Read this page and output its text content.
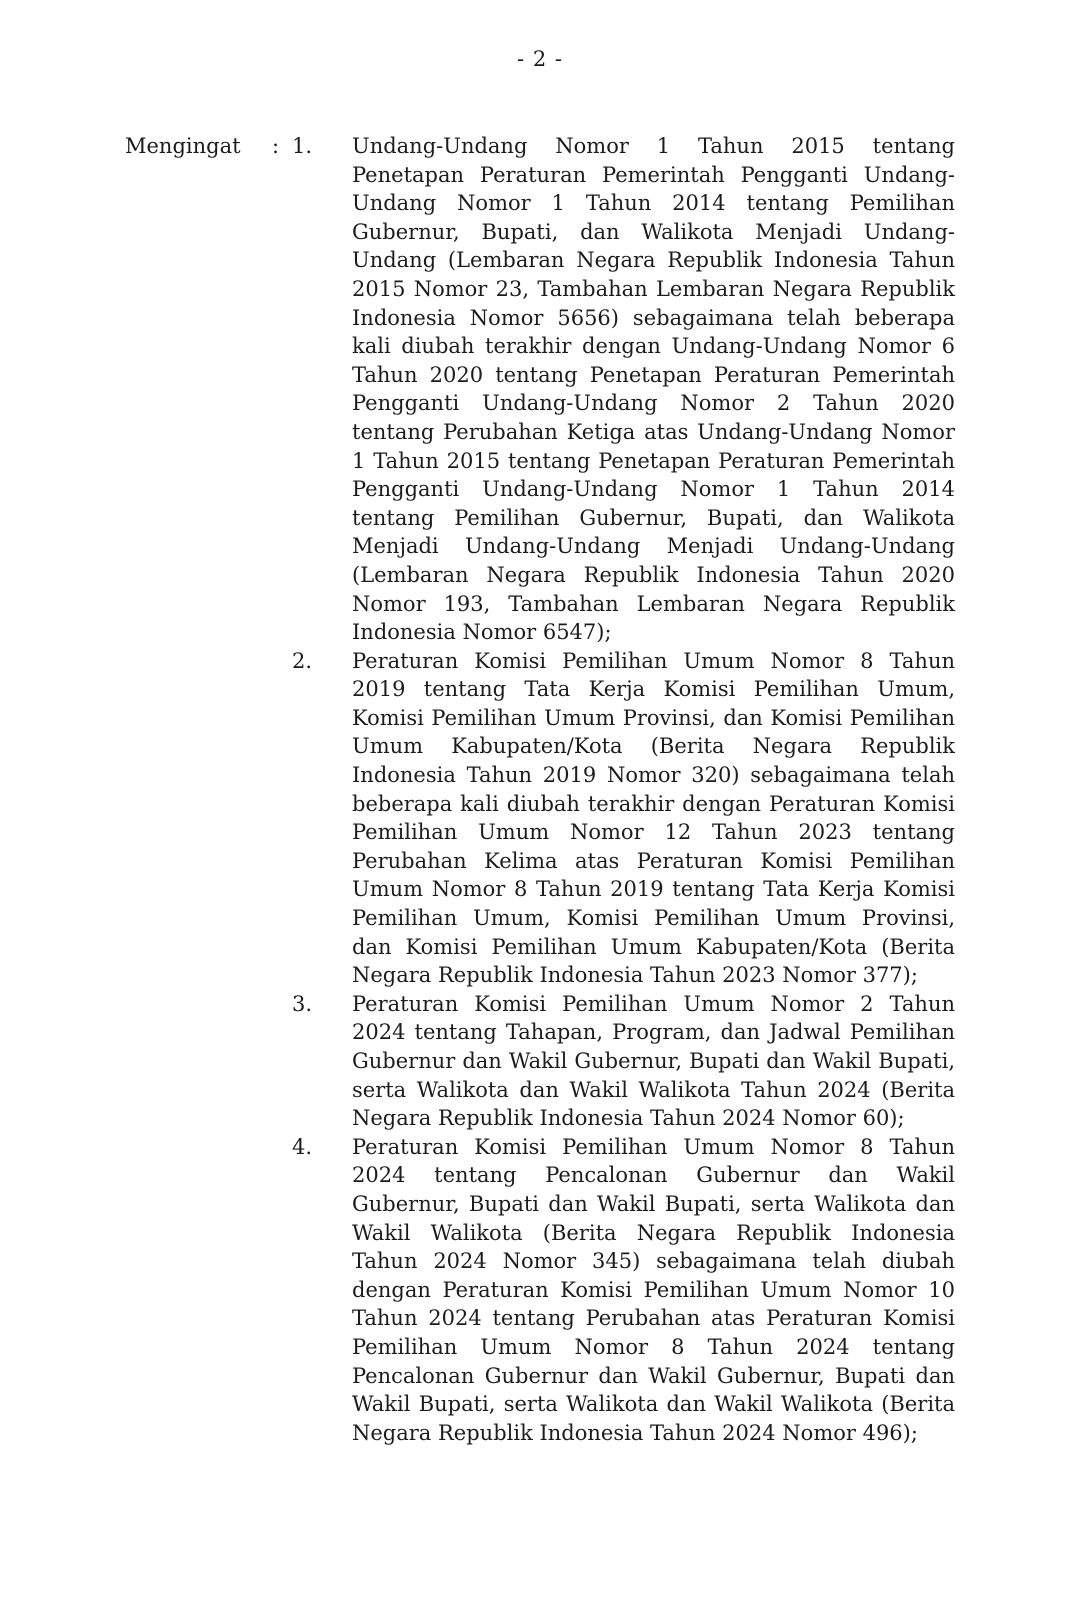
- 2 -
Mengingat	: 1.	Undang-Undang Nomor 1 Tahun 2015 tentang Penetapan Peraturan Pemerintah Pengganti Undang-Undang Nomor 1 Tahun 2014 tentang Pemilihan Gubernur, Bupati, dan Walikota Menjadi Undang-Undang (Lembaran Negara Republik Indonesia Tahun 2015 Nomor 23, Tambahan Lembaran Negara Republik Indonesia Nomor 5656) sebagaimana telah beberapa kali diubah terakhir dengan Undang-Undang Nomor 6 Tahun 2020 tentang Penetapan Peraturan Pemerintah Pengganti Undang-Undang Nomor 2 Tahun 2020 tentang Perubahan Ketiga atas Undang-Undang Nomor 1 Tahun 2015 tentang Penetapan Peraturan Pemerintah Pengganti Undang-Undang Nomor 1 Tahun 2014 tentang Pemilihan Gubernur, Bupati, dan Walikota Menjadi Undang-Undang Menjadi Undang-Undang (Lembaran Negara Republik Indonesia Tahun 2020 Nomor 193, Tambahan Lembaran Negara Republik Indonesia Nomor 6547);
2.	Peraturan Komisi Pemilihan Umum Nomor 8 Tahun 2019 tentang Tata Kerja Komisi Pemilihan Umum, Komisi Pemilihan Umum Provinsi, dan Komisi Pemilihan Umum Kabupaten/Kota (Berita Negara Republik Indonesia Tahun 2019 Nomor 320) sebagaimana telah beberapa kali diubah terakhir dengan Peraturan Komisi Pemilihan Umum Nomor 12 Tahun 2023 tentang Perubahan Kelima atas Peraturan Komisi Pemilihan Umum Nomor 8 Tahun 2019 tentang Tata Kerja Komisi Pemilihan Umum, Komisi Pemilihan Umum Provinsi, dan Komisi Pemilihan Umum Kabupaten/Kota (Berita Negara Republik Indonesia Tahun 2023 Nomor 377);
3.	Peraturan Komisi Pemilihan Umum Nomor 2 Tahun 2024 tentang Tahapan, Program, dan Jadwal Pemilihan Gubernur dan Wakil Gubernur, Bupati dan Wakil Bupati, serta Walikota dan Wakil Walikota Tahun 2024 (Berita Negara Republik Indonesia Tahun 2024 Nomor 60);
4.	Peraturan Komisi Pemilihan Umum Nomor 8 Tahun 2024 tentang Pencalonan Gubernur dan Wakil Gubernur, Bupati dan Wakil Bupati, serta Walikota dan Wakil Walikota (Berita Negara Republik Indonesia Tahun 2024 Nomor 345) sebagaimana telah diubah dengan Peraturan Komisi Pemilihan Umum Nomor 10 Tahun 2024 tentang Perubahan atas Peraturan Komisi Pemilihan Umum Nomor 8 Tahun 2024 tentang Pencalonan Gubernur dan Wakil Gubernur, Bupati dan Wakil Bupati, serta Walikota dan Wakil Walikota (Berita Negara Republik Indonesia Tahun 2024 Nomor 496);
